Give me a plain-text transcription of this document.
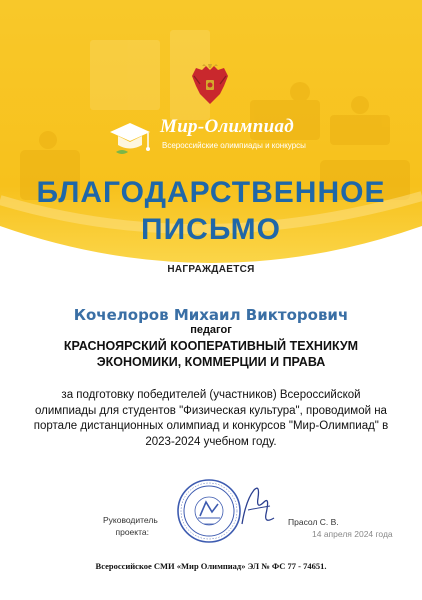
Мир-Олимпиад
Всероссийские олимпиады и конкурсы
БЛАГОДАРСТВЕННОЕ
ПИСЬМО
НАГРАЖДАЕТСЯ
Кочелоров Михаил Викторович
педагог
КРАСНОЯРСКИЙ КООПЕРАТИВНЫЙ ТЕХНИКУМ ЭКОНОМИКИ, КОММЕРЦИИ И ПРАВА
за подготовку победителей (участников) Всероссийской олимпиады для студентов "Физическая культура", проводимой на портале дистанционных олимпиад и конкурсов "Мир-Олимпиад" в 2023-2024 учебном году.
Руководитель проекта:
Прасол С. В.
14 апреля 2024 года
Всероссийское СМИ «Мир Олимпиад» ЭЛ № ФС 77 - 74651.
